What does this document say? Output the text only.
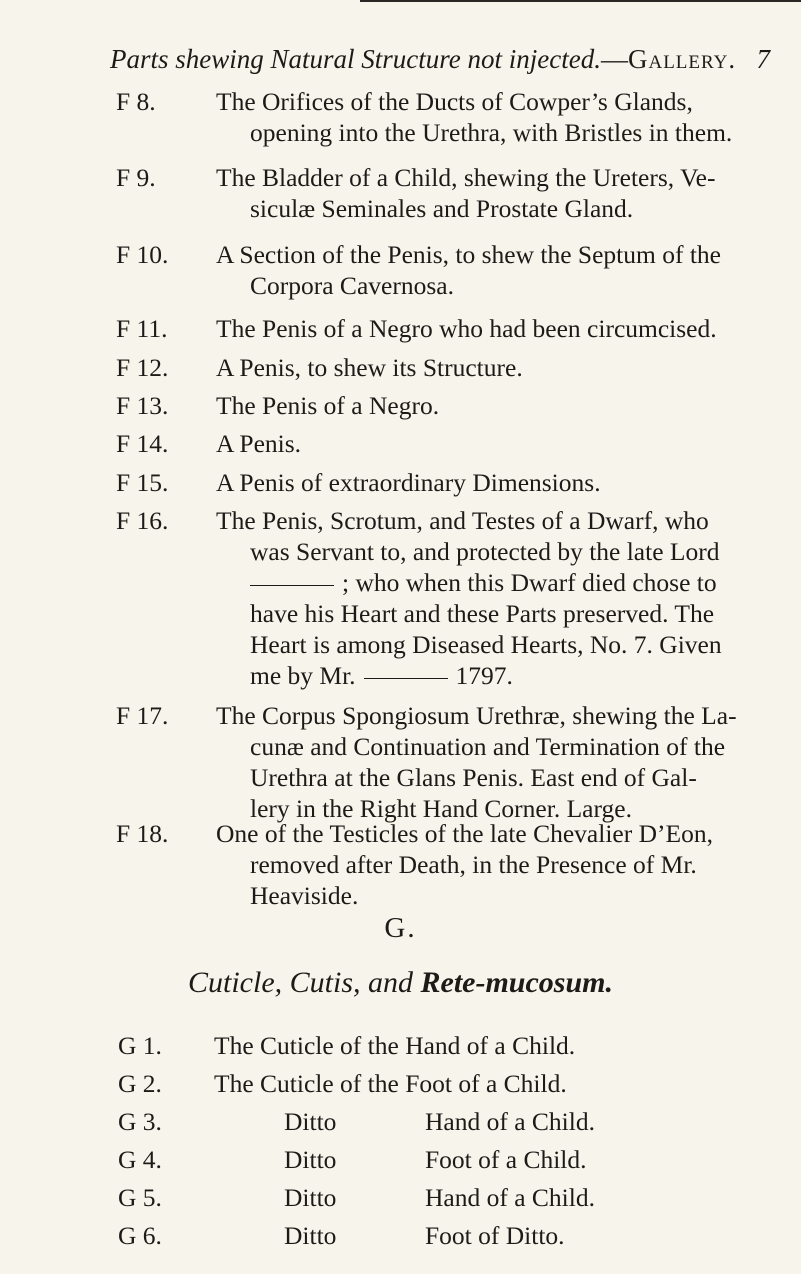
Parts shewing Natural Structure not injected.—Gallery. 7
F 8.	The Orifices of the Ducts of Cowper’s Glands,
opening into the Urethra, with Bristles in them.
F 9.	The Bladder of a Child, shewing the Ureters, Ve-
siculæ Seminales and Prostate Gland.
F 10.	A Section of the Penis, to shew the Septum of the
Corpora Cavernosa.
F 11.	The Penis of a Negro who had been circumcised.
F 12.	A Penis, to shew its Structure.
F 13.	The Penis of a Negro.
F 14.	A Penis.
F 15.	A Penis of extraordinary Dimensions.
F 16.	The Penis, Scrotum, and Testes of a Dwarf, who
was Servant to, and protected by the late Lord
; who when this Dwarf died chose to
have his Heart and these Parts preserved. The
Heart is among Diseased Hearts, No. 7. Given
me by Mr.	1797.
F 17.	The Corpus Spongiosum Urethræ, shewing the La-
cunæ and Continuation and Termination of the
Urethra at the Glans Penis. East end of Gal-
lery in the Right Hand Corner. Large.
F 18.	One of the Testicles of the late Chevalier D’Eon,
removed after Death, in the Presence of Mr.
Heaviside.
G.
Cuticle, Cutis, and Rete-mucosum.
G 1. The Cuticle of the Hand of a Child.
G 2. The Cuticle of the Foot of a Child.
G 3.	Ditto	Hand of a Child.
G 4.	Ditto	Foot of a Child.
G 5.	Ditto	Hand of a Child.
G 6.	Ditto	Foot of Ditto.
